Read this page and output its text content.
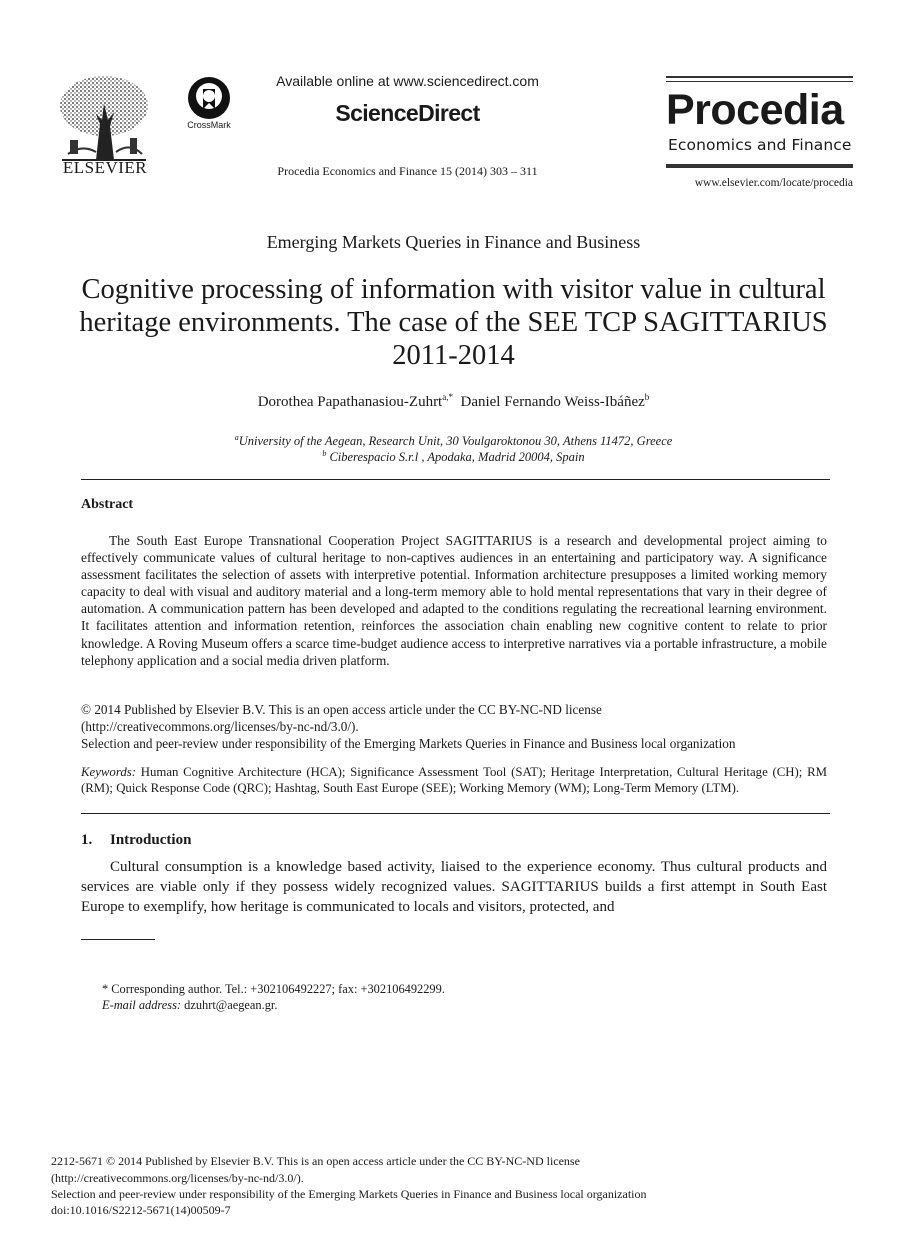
ELSEVIER
CrossMark
Available online at www.sciencedirect.com
ScienceDirect
Procedia Economics and Finance 15 (2014) 303 – 311
Procedia
Economics and Finance
www.elsevier.com/locate/procedia
Emerging Markets Queries in Finance and Business
Cognitive processing of information with visitor value in cultural heritage environments. The case of the SEE TCP SAGITTARIUS 2011-2014
Dorothea Papathanasiou-Zuhrt$^{a,*}$ Daniel Fernando Weiss-Ibáñez$^b$
$^a$University of the Aegean, Research Unit, 30 Voulgaroktonou 30, Athens 11472, Greece
$^b$ Ciberespacio S.r.l , Apodaka, Madrid 20004, Spain
Abstract
The South East Europe Transnational Cooperation Project SAGITTARIUS is a research and developmental project aiming to effectively communicate values of cultural heritage to non-captives audiences in an entertaining and participatory way. A significance assessment facilitates the selection of assets with interpretive potential. Information architecture presupposes a limited working memory capacity to deal with visual and auditory material and a long-term memory able to hold mental representations that vary in their degree of automation. A communication pattern has been developed and adapted to the conditions regulating the recreational learning environment. It facilitates attention and information retention, reinforces the association chain enabling new cognitive content to relate to prior knowledge. A Roving Museum offers a scarce time-budget audience access to interpretive narratives via a portable infrastructure, a mobile telephony application and a social media driven platform.
© 2014 Published by Elsevier B.V. This is an open access article under the CC BY-NC-ND license
(http://creativecommons.org/licenses/by-nc-nd/3.0/).
Selection and peer-review under responsibility of the Emerging Markets Queries in Finance and Business local organization
Keywords: Human Cognitive Architecture (HCA); Significance Assessment Tool (SAT); Heritage Interpretation, Cultural Heritage (CH); RM (RM); Quick Response Code (QRC); Hashtag, South East Europe (SEE); Working Memory (WM); Long-Term Memory (LTM).
1. Introduction
Cultural consumption is a knowledge based activity, liaised to the experience economy. Thus cultural products and services are viable only if they possess widely recognized values. SAGITTARIUS builds a first attempt in South East Europe to exemplify, how heritage is communicated to locals and visitors, protected, and
* Corresponding author. Tel.: +302106492227; fax: +302106492299.
E-mail address: dzuhrt@aegean.gr.
2212-5671 © 2014 Published by Elsevier B.V. This is an open access article under the CC BY-NC-ND license
(http://creativecommons.org/licenses/by-nc-nd/3.0/).
Selection and peer-review under responsibility of the Emerging Markets Queries in Finance and Business local organization
doi:10.1016/S2212-5671(14)00509-7
